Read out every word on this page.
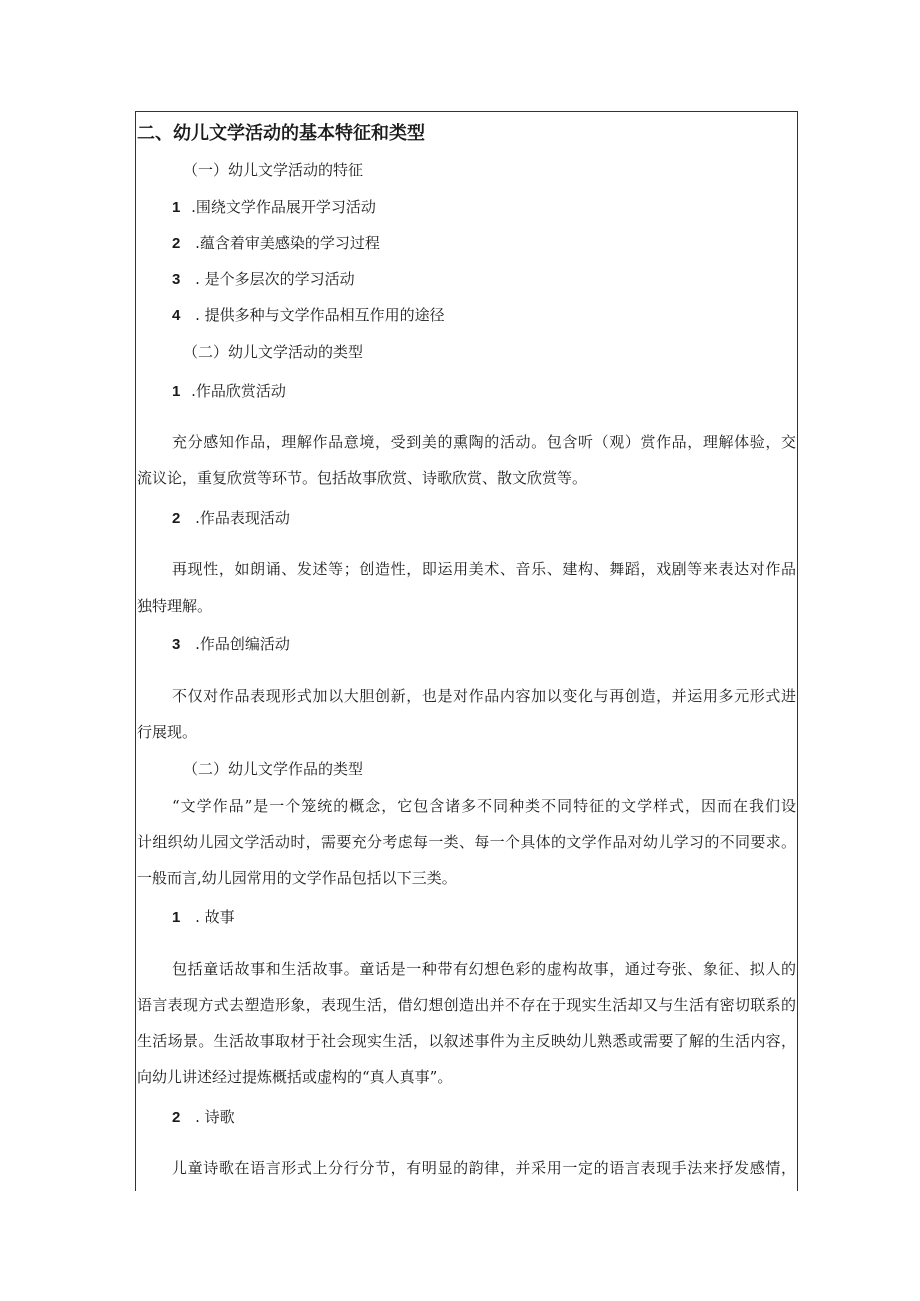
二、幼儿文学活动的基本特征和类型
（一）幼儿文学活动的特征
1 .围绕文学作品展开学习活动
2 .蕴含着审美感染的学习过程
3 . 是个多层次的学习活动
4 . 提供多种与文学作品相互作用的途径
（二）幼儿文学活动的类型
1 .作品欣赏活动
充分感知作品，理解作品意境，受到美的熏陶的活动。包含听（观）赏作品，理解体验，交
流议论，重复欣赏等环节。包括故事欣赏、诗歌欣赏、散文欣赏等。
2 .作品表现活动
再现性，如朗诵、发述等；创造性，即运用美术、音乐、建构、舞蹈，戏剧等来表达对作品
独特理解。
3 .作品创编活动
不仅对作品表现形式加以大胆创新，也是对作品内容加以变化与再创造，并运用多元形式进
行展现。
（二）幼儿文学作品的类型
“文学作品”是一个笼统的概念，它包含诸多不同种类不同特征的文学样式，因而在我们设
计组织幼儿园文学活动时，需要充分考虑每一类、每一个具体的文学作品对幼儿学习的不同要求。
一般而言,幼儿园常用的文学作品包括以下三类。
1 . 故事
包括童话故事和生活故事。童话是一种带有幻想色彩的虚构故事，通过夸张、象征、拟人的
语言表现方式去塑造形象，表现生活，借幻想创造出并不存在于现实生活却又与生活有密切联系的
生活场景。生活故事取材于社会现实生活，以叙述事件为主反映幼儿熟悉或需要了解的生活内容，
向幼儿讲述经过提炼概括或虚构的“真人真事”。
2 . 诗歌
儿童诗歌在语言形式上分行分节，有明显的韵律，并采用一定的语言表现手法来抒发感情，
